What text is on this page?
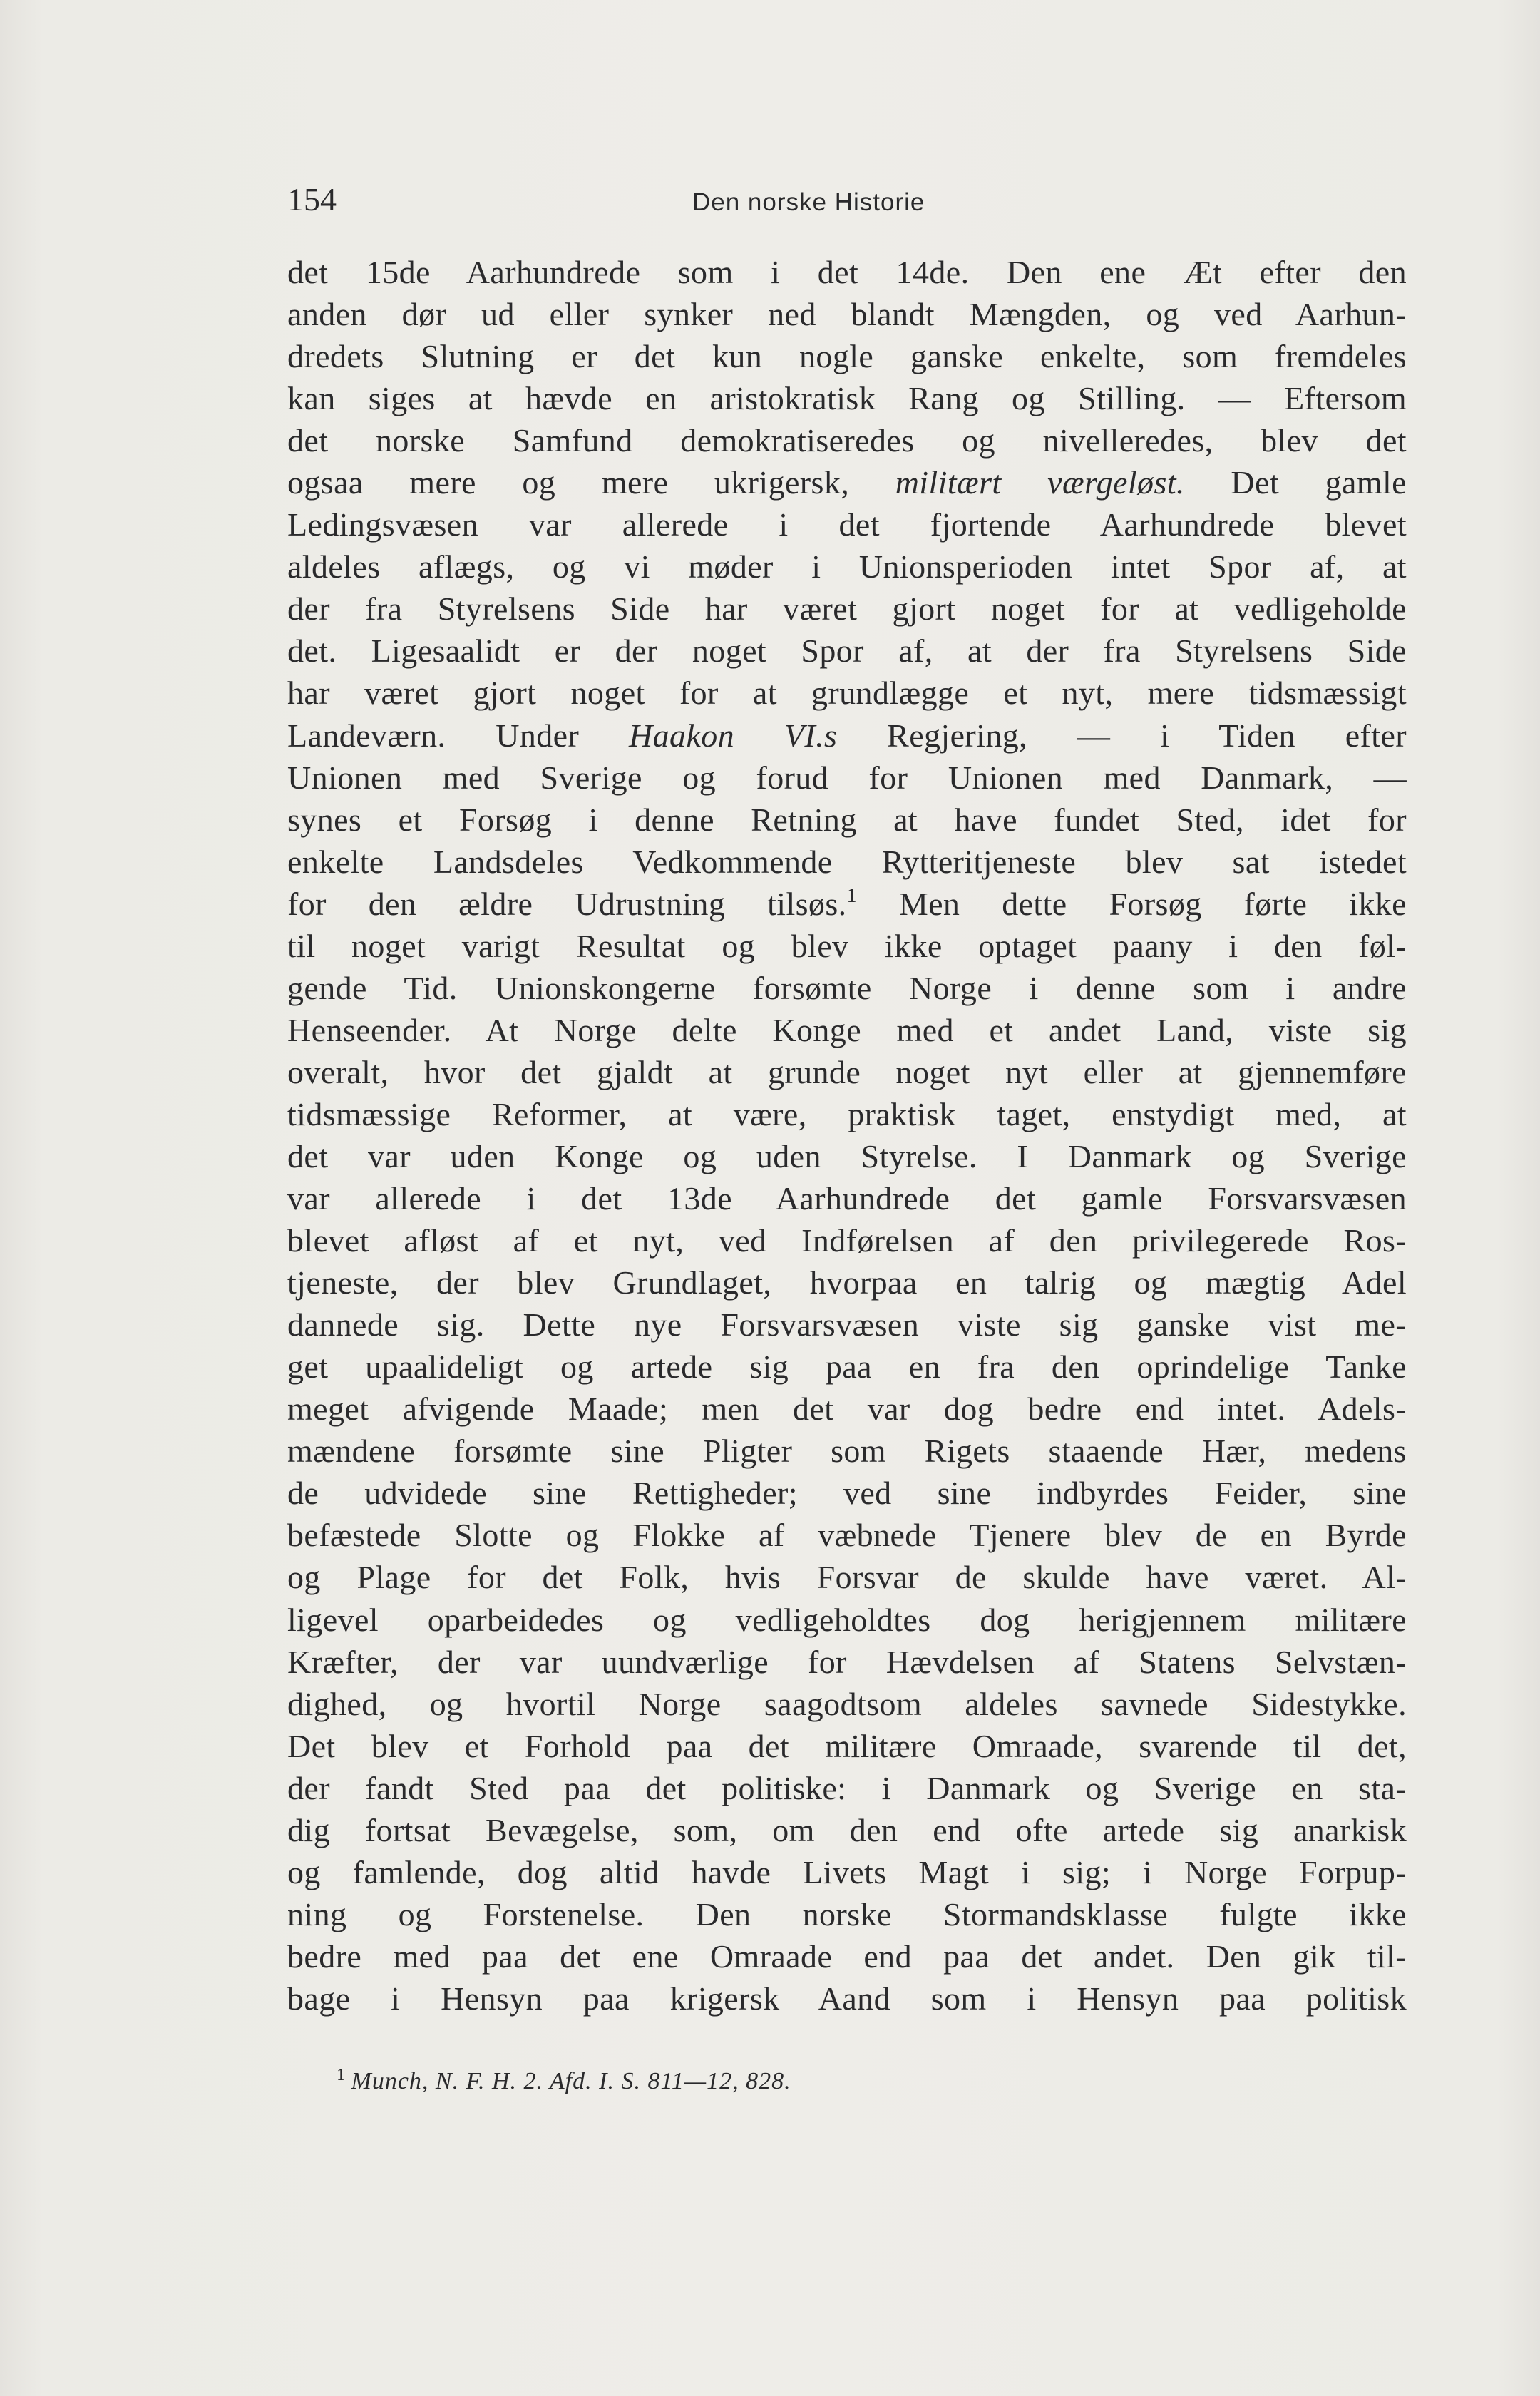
154	Den norske Historie
det 15de Aarhundrede som i det 14de. Den ene Æt efter den
anden dør ud eller synker ned blandt Mængden, og ved Aarhun-
dredets Slutning er det kun nogle ganske enkelte, som fremdeles
kan siges at hævde en aristokratisk Rang og Stilling. — Eftersom
det norske Samfund demokratiseredes og nivelleredes, blev det
ogsaa mere og mere ukrigersk, militært værgeløst. Det gamle
Ledingsvæsen var allerede i det fjortende Aarhundrede blevet
aldeles aflægs, og vi møder i Unionsperioden intet Spor af, at
der fra Styrelsens Side har været gjort noget for at vedligeholde
det. Ligesaalidt er der noget Spor af, at der fra Styrelsens Side
har været gjort noget for at grundlægge et nyt, mere tidsmæssigt
Landeværn. Under Haakon VI.s Regjering, — i Tiden efter
Unionen med Sverige og forud for Unionen med Danmark, —
synes et Forsøg i denne Retning at have fundet Sted, idet for
enkelte Landsdeles Vedkommende Rytteritjeneste blev sat istedet
for den ældre Udrustning tilsøs.$^1$ Men dette Forsøg førte ikke
til noget varigt Resultat og blev ikke optaget paany i den føl-
gende Tid. Unionskongerne forsømte Norge i denne som i andre
Henseender. At Norge delte Konge med et andet Land, viste sig
overalt, hvor det gjaldt at grunde noget nyt eller at gjennemføre
tidsmæssige Reformer, at være, praktisk taget, enstydigt med, at
det var uden Konge og uden Styrelse. I Danmark og Sverige
var allerede i det 13de Aarhundrede det gamle Forsvarsvæsen
blevet afløst af et nyt, ved Indførelsen af den privilegerede Ros-
tjeneste, der blev Grundlaget, hvorpaa en talrig og mægtig Adel
dannede sig. Dette nye Forsvarsvæsen viste sig ganske vist me-
get upaalideligt og artede sig paa en fra den oprindelige Tanke
meget afvigende Maade; men det var dog bedre end intet. Adels-
mændene forsømte sine Pligter som Rigets staaende Hær, medens
de udvidede sine Rettigheder; ved sine indbyrdes Feider, sine
befæstede Slotte og Flokke af væbnede Tjenere blev de en Byrde
og Plage for det Folk, hvis Forsvar de skulde have været. Al-
ligevel oparbeidedes og vedligeholdtes dog herigjennem militære
Kræfter, der var uundværlige for Hævdelsen af Statens Selvstæn-
dighed, og hvortil Norge saagodtsom aldeles savnede Sidestykke.
Det blev et Forhold paa det militære Omraade, svarende til det,
der fandt Sted paa det politiske: i Danmark og Sverige en sta-
dig fortsat Bevægelse, som, om den end ofte artede sig anarkisk
og famlende, dog altid havde Livets Magt i sig; i Norge Forpup-
ning og Forstenelse. Den norske Stormandsklasse fulgte ikke
bedre med paa det ene Omraade end paa det andet. Den gik til-
bage i Hensyn paa krigersk Aand som i Hensyn paa politisk
$^1$ Munch, N. F. H. 2. Afd. I. S. 811—12, 828.
